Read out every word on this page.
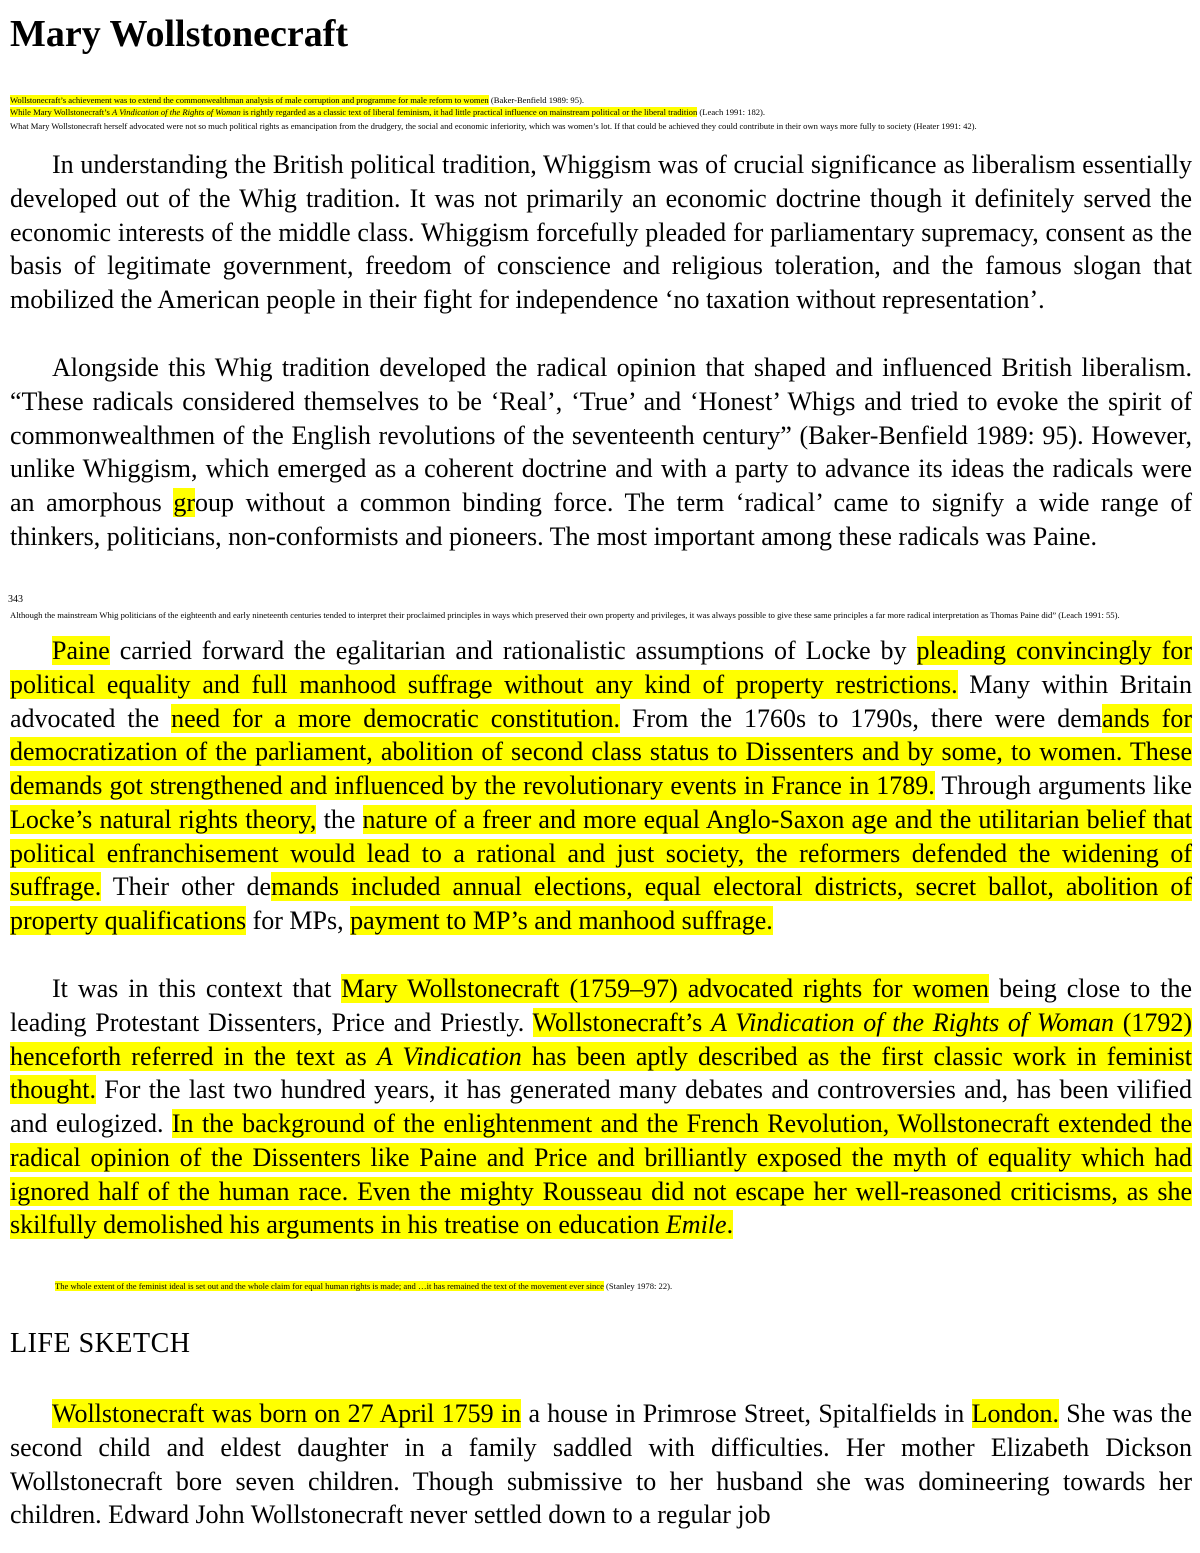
Mary Wollstonecraft

Wollstonecraft’s achievement was to extend the commonwealthman analysis of male corruption and programme for male reform to women (Baker-Benfield 1989: 95).

While Mary Wollstonecraft’s A Vindication of the Rights of Woman is rightly regarded as a classic text of liberal feminism, it had little practical influence on mainstream political or the liberal tradition (Leach 1991: 182).

What Mary Wollstonecraft herself advocated were not so much political rights as emancipation from the drudgery, the social and economic inferiority, which was women’s lot. If that could be achieved they could contribute in their own ways more fully to society (Heater 1991: 42).

In understanding the British political tradition, Whiggism was of crucial significance as liberalism essentially developed out of the Whig tradition. It was not primarily an economic doctrine though it definitely served the economic interests of the middle class. Whiggism forcefully pleaded for parliamentary supremacy, consent as the basis of legitimate government, freedom of conscience and religious toleration, and the famous slogan that mobilized the American people in their fight for independence ‘no taxation without representation’.

Alongside this Whig tradition developed the radical opinion that shaped and influenced British liberalism. “These radicals considered themselves to be ‘Real’, ‘True’ and ‘Honest’ Whigs and tried to evoke the spirit of commonwealthmen of the English revolutions of the seventeenth century” (Baker-Benfield 1989: 95). However, unlike Whiggism, which emerged as a coherent doctrine and with a party to advance its ideas the radicals were an amorphous group without a common binding force. The term ‘radical’ came to signify a wide range of thinkers, politicians, non-conformists and pioneers. The most important among these radicals was Paine.

343

Although the mainstream Whig politicians of the eighteenth and early nineteenth centuries tended to interpret their proclaimed principles in ways which preserved their own property and privileges, it was always possible to give these same principles a far more radical interpretation as Thomas Paine did” (Leach 1991: 55).

Paine carried forward the egalitarian and rationalistic assumptions of Locke by pleading convincingly for political equality and full manhood suffrage without any kind of property restrictions. Many within Britain advocated the need for a more democratic constitution. From the 1760s to 1790s, there were demands for democratization of the parliament, abolition of second class status to Dissenters and by some, to women. These demands got strengthened and influenced by the revolutionary events in France in 1789. Through arguments like Locke’s natural rights theory, the nature of a freer and more equal Anglo-Saxon age and the utilitarian belief that political enfranchisement would lead to a rational and just society, the reformers defended the widening of suffrage. Their other demands included annual elections, equal electoral districts, secret ballot, abolition of property qualifications for MPs, payment to MP’s and manhood suffrage.

It was in this context that Mary Wollstonecraft (1759–97) advocated rights for women being close to the leading Protestant Dissenters, Price and Priestly. Wollstonecraft’s A Vindication of the Rights of Woman (1792) henceforth referred in the text as A Vindication has been aptly described as the first classic work in feminist thought. For the last two hundred years, it has generated many debates and controversies and, has been vilified and eulogized. In the background of the enlightenment and the French Revolution, Wollstonecraft extended the radical opinion of the Dissenters like Paine and Price and brilliantly exposed the myth of equality which had ignored half of the human race. Even the mighty Rousseau did not escape her well-reasoned criticisms, as she skilfully demolished his arguments in his treatise on education Emile.

The whole extent of the feminist ideal is set out and the whole claim for equal human rights is made; and …it has remained the text of the movement ever since (Stanley 1978: 22).

LIFE SKETCH

Wollstonecraft was born on 27 April 1759 in a house in Primrose Street, Spitalfields in London. She was the second child and eldest daughter in a family saddled with difficulties. Her mother Elizabeth Dickson Wollstonecraft bore seven children. Though submissive to her husband she was domineering towards her children. Edward John Wollstonecraft never settled down to a regular job
